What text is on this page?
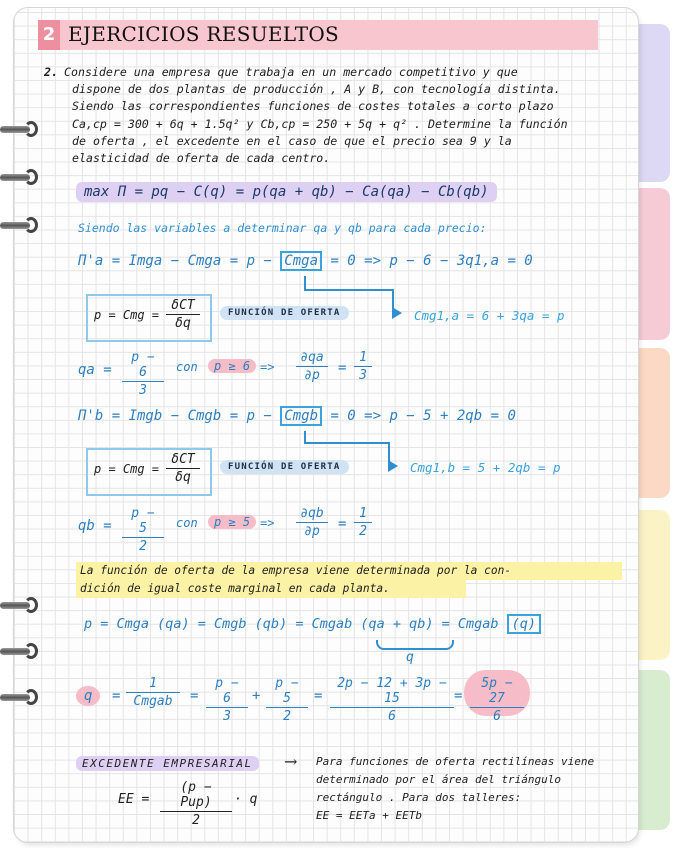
2 EJERCICIOS RESUELTOS
2. Considere una empresa que trabaja en un mercado competitivo y que
dispone de dos plantas de producción , A y B, con tecnología distinta.
Siendo las correspondientes funciones de costes totales a corto plazo
Ca,cp = 300 + 6q + 1.5q² y Cb,cp = 250 + 5q + q² . Determine la función
de oferta , el excedente en el caso de que el precio sea 9 y la
elasticidad de oferta de cada centro.
max Π = pq − C(q) = p(qa + qb) − Ca(qa) − Cb(qb)
Siendo las variables a determinar qa y qb para cada precio:
Π'a = Imga − Cmga = p − Cmga = 0 => p − 6 − 3q1,a = 0
p = Cmg =
δCT
δq
FUNCIÓN DE OFERTA	Cmg1,a = 6 + 3qa = p
qa = $\frac{p - 6}{3}$ con	$p \ge 6 => \frac{\partial qa}{\partial p} = \frac{1}{3}$
Π'b = Imgb − Cmgb = p − Cmgb = 0 => p − 5 + 2qb = 0
p = Cmg =
δCT
δq
FUNCIÓN DE OFERTA	Cmg1,b = 5 + 2qb = p
qb = $\frac{p - 5}{2}$ con	$p \ge 5 => \frac{\partial qb}{\partial p} = \frac{1}{2}$
La función de oferta de la empresa viene determinada por la con-
dición de igual coste marginal en cada planta.
p = Cmga (qa) = Cmgb (qb) = Cmgab (qa + qb) = Cmgab (q)
q
q	=
1
Cmgab	= $\frac{p - 6}{3} + \frac{p - 5}{2} = \frac{2p - 12 + 3p - 15}{6} = \frac{5p - 27}{6}$
EXCEDENTE EMPRESARIAL	→
EE =
(p − Pup)
2
· q
Para funciones de oferta rectilíneas viene
determinado por el área del triángulo
rectángulo . Para dos talleres:
EE = EETa + EETb
